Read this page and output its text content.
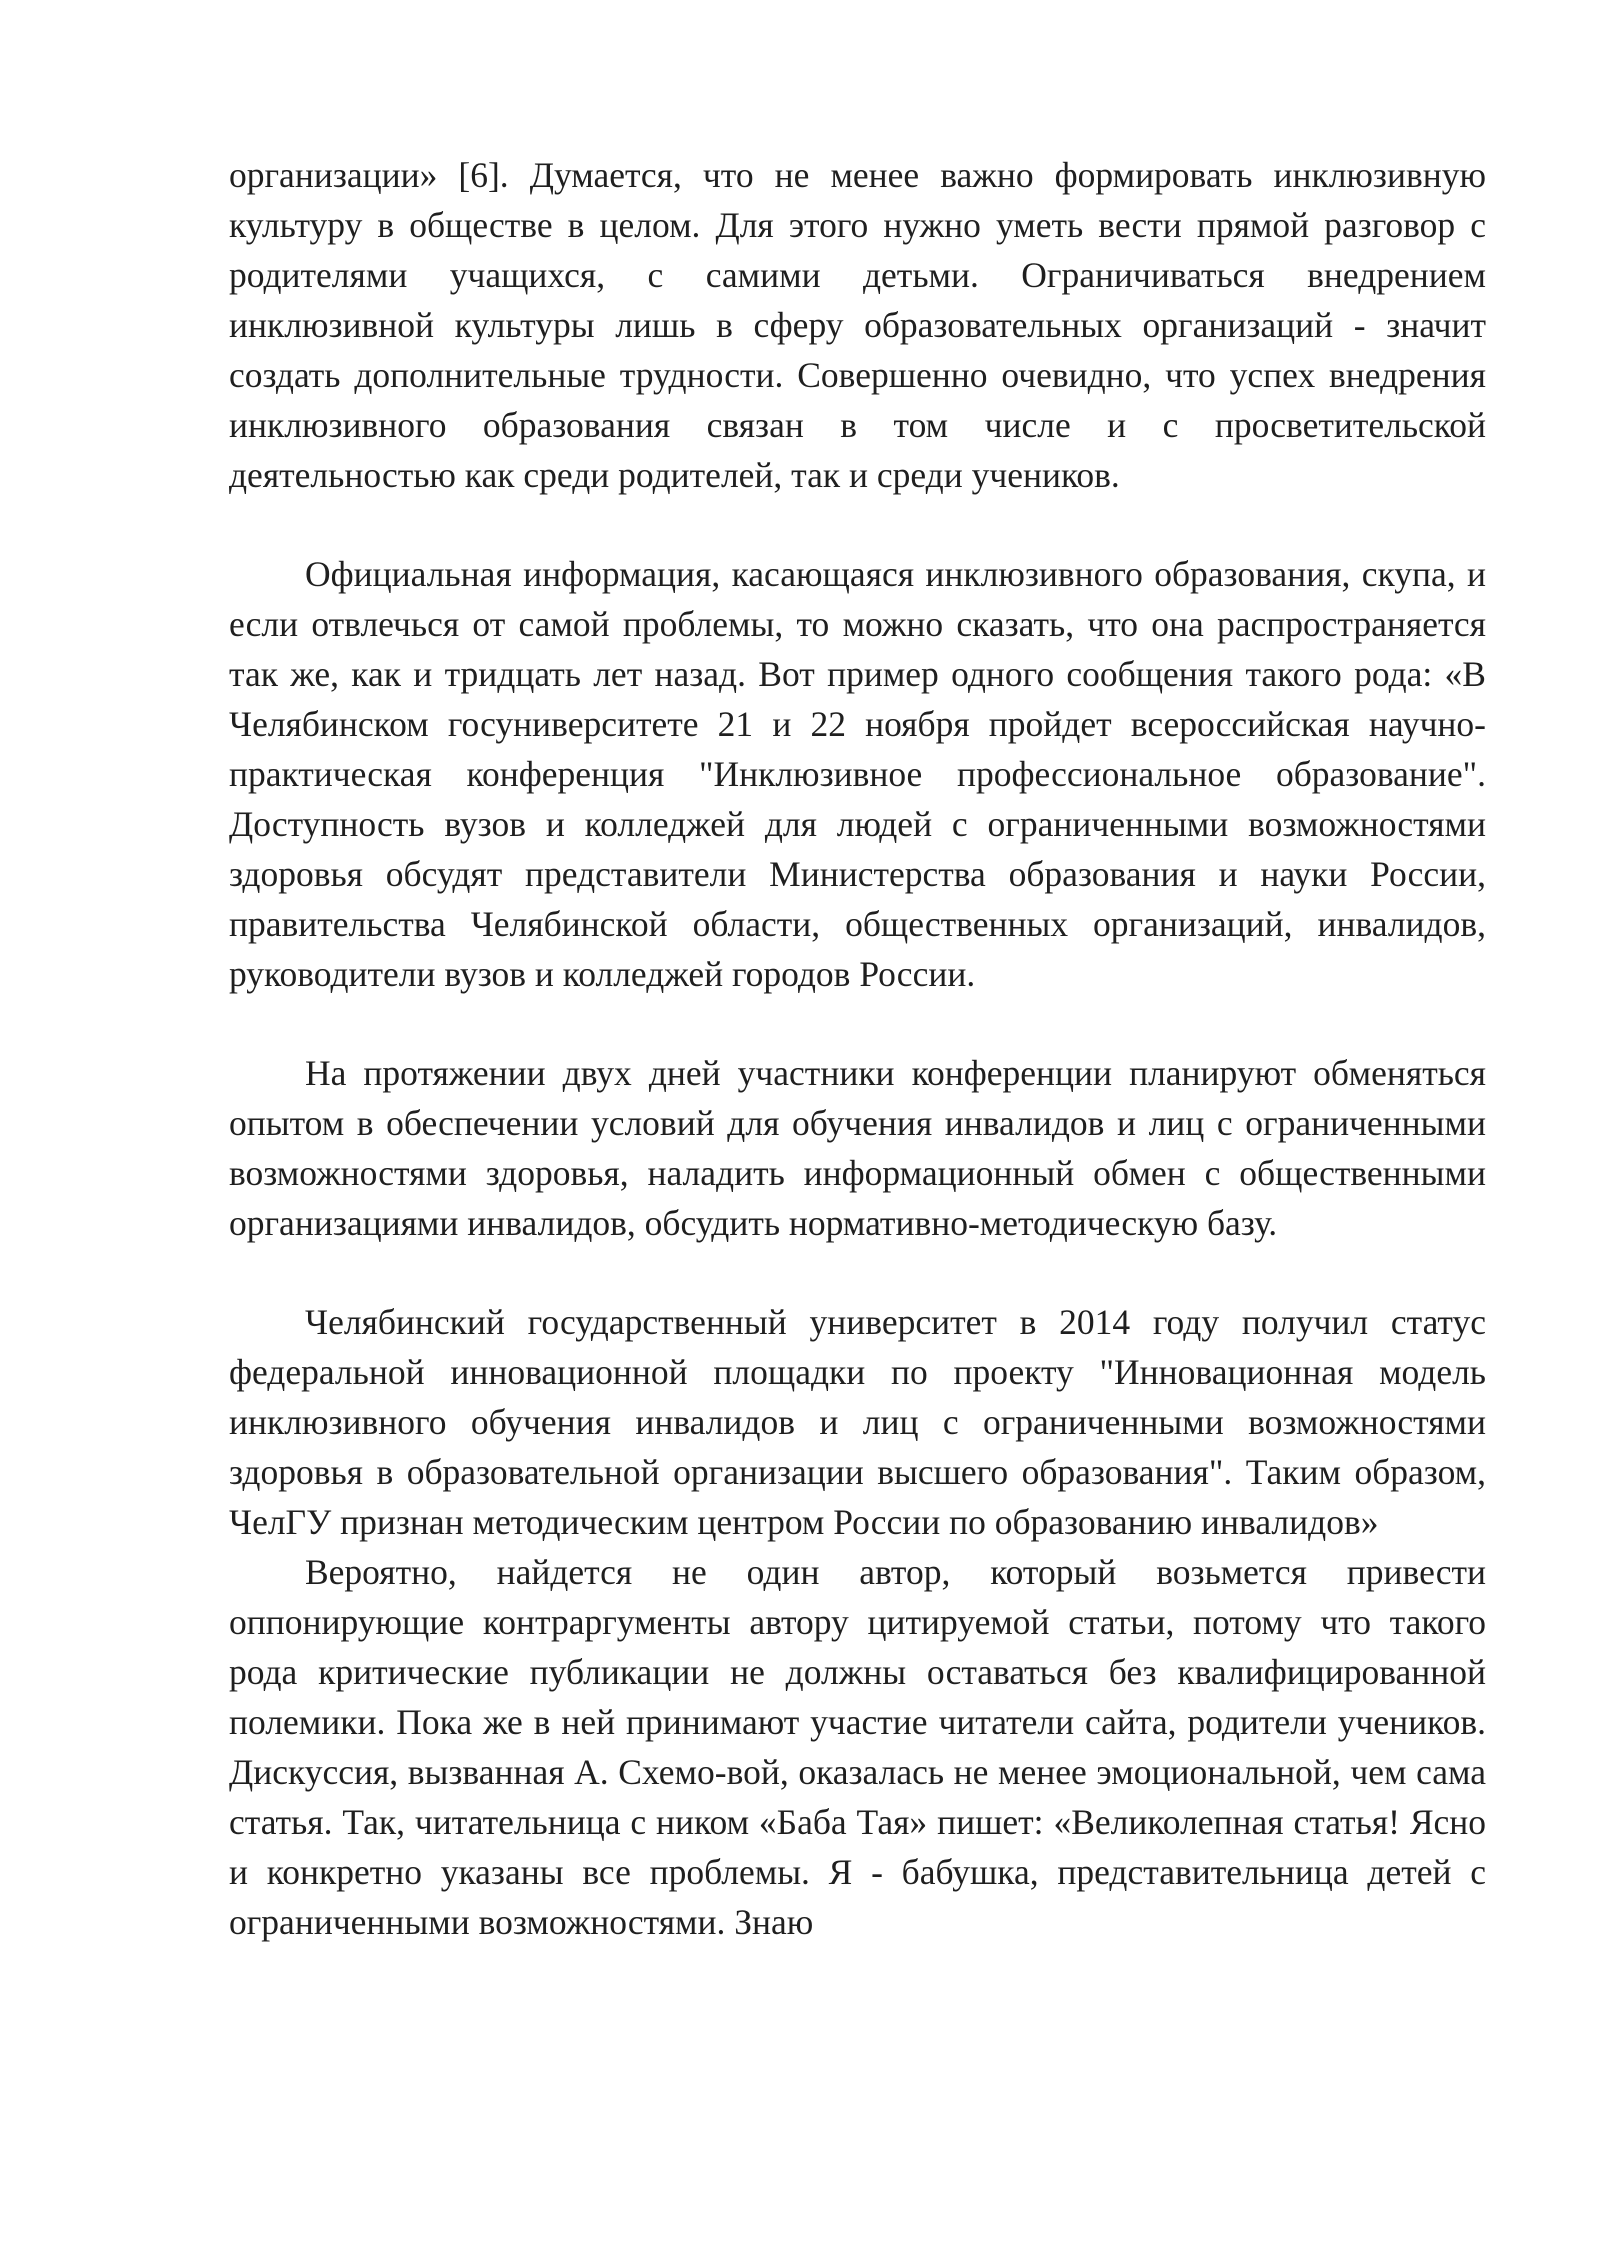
организации» [6]. Думается, что не менее важно формировать инклюзивную культуру в обществе в целом. Для этого нужно уметь вести прямой разговор с родителями учащихся, с самими детьми. Ограничиваться внедрением инклюзивной культуры лишь в сферу образовательных организаций - значит создать дополнительные трудности. Совершенно очевидно, что успех внедрения инклюзивного образования связан в том числе и с просветительской деятельностью как среди родителей, так и среди учеников.

Официальная информация, касающаяся инклюзивного образования, скупа, и если отвлечься от самой проблемы, то можно сказать, что она распространяется так же, как и тридцать лет назад. Вот пример одного сообщения такого рода: «В Челябинском госуниверситете 21 и 22 ноября пройдет всероссийская научно-практическая конференция "Инклюзивное профессиональное образование". Доступность вузов и колледжей для людей с ограниченными возможностями здоровья обсудят представители Министерства образования и науки России, правительства Челябинской области, общественных организаций, инвалидов, руководители вузов и колледжей городов России.

На протяжении двух дней участники конференции планируют обменяться опытом в обеспечении условий для обучения инвалидов и лиц с ограниченными возможностями здоровья, наладить информационный обмен с общественными организациями инвалидов, обсудить нормативно-методическую базу.

Челябинский государственный университет в 2014 году получил статус федеральной инновационной площадки по проекту "Инновационная модель инклюзивного обучения инвалидов и лиц с ограниченными возможностями здоровья в образовательной организации высшего образования". Таким образом, ЧелГУ признан методическим центром России по образованию инвалидов»

Вероятно, найдется не один автор, который возьмется привести оппонирующие контраргументы автору цитируемой статьи, потому что такого рода критические публикации не должны оставаться без квалифицированной полемики. Пока же в ней принимают участие читатели сайта, родители учеников. Дискуссия, вызванная А. Схемо-вой, оказалась не менее эмоциональной, чем сама статья. Так, читательница с ником «Баба Тая» пишет: «Великолепная статья! Ясно и конкретно указаны все проблемы. Я - бабушка, представительница детей с ограниченными возможностями. Знаю
